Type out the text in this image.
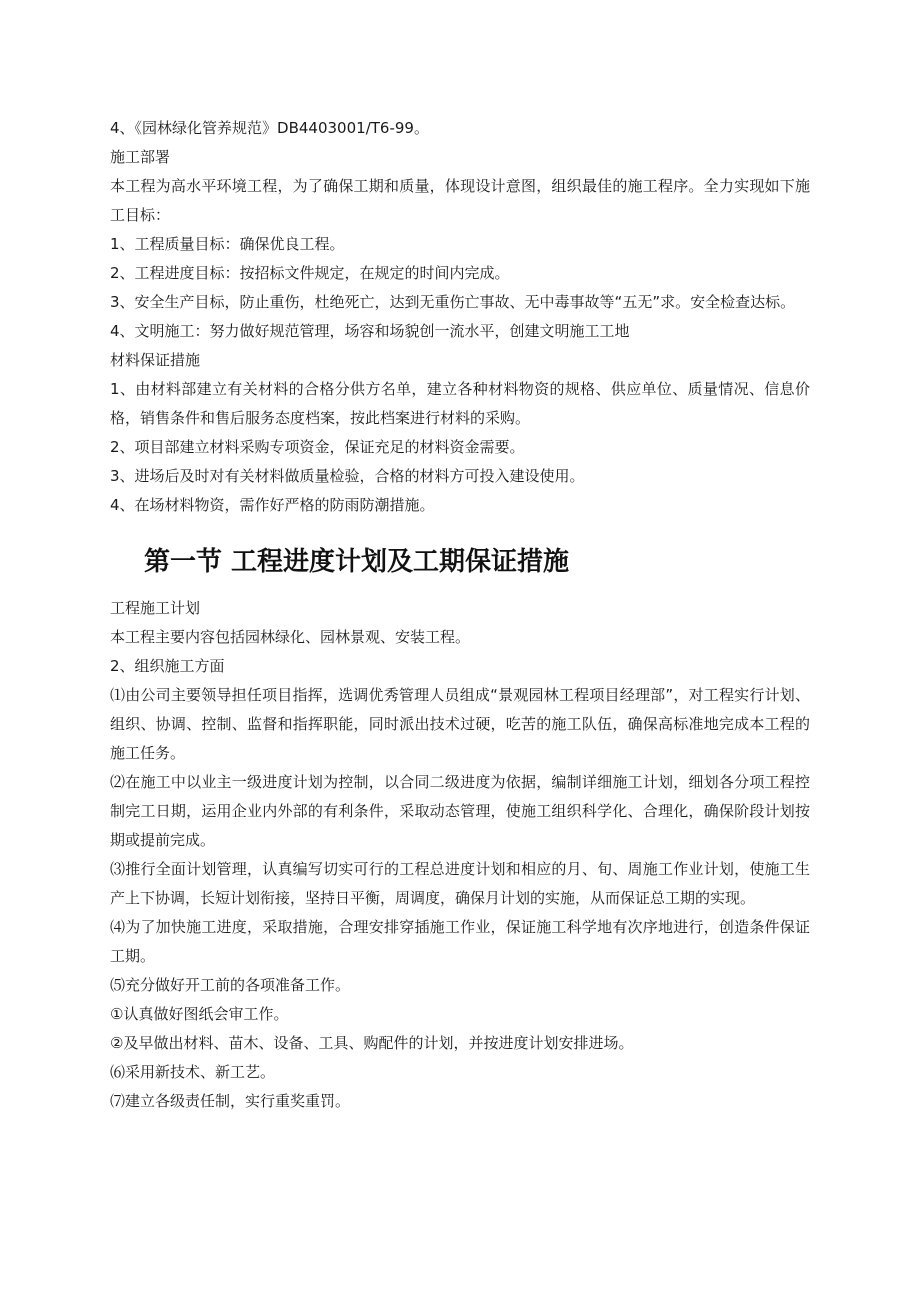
4、《园林绿化管养规范》DB4403001/T6-99。

施工部署

本工程为高水平环境工程，为了确保工期和质量，体现设计意图，组织最佳的施工程序。全力实现如下施工目标：

1、工程质量目标：确保优良工程。

2、工程进度目标：按招标文件规定，在规定的时间内完成。

3、安全生产目标，防止重伤，杜绝死亡，达到无重伤亡事故、无中毒事故等“五无”求。安全检查达标。

4、文明施工：努力做好规范管理，场容和场貌创一流水平，创建文明施工工地

材料保证措施

1、由材料部建立有关材料的合格分供方名单，建立各种材料物资的规格、供应单位、质量情况、信息价格，销售条件和售后服务态度档案，按此档案进行材料的采购。

2、项目部建立材料采购专项资金，保证充足的材料资金需要。

3、进场后及时对有关材料做质量检验，合格的材料方可投入建设使用。

4、在场材料物资，需作好严格的防雨防潮措施。

第一节 工程进度计划及工期保证措施

工程施工计划

本工程主要内容包括园林绿化、园林景观、安装工程。

2、组织施工方面

⑴由公司主要领导担任项目指挥，选调优秀管理人员组成“景观园林工程项目经理部”，对工程实行计划、组织、协调、控制、监督和指挥职能，同时派出技术过硬，吃苦的施工队伍，确保高标准地完成本工程的施工任务。

⑵在施工中以业主一级进度计划为控制，以合同二级进度为依据，编制详细施工计划，细划各分项工程控制完工日期，运用企业内外部的有利条件，采取动态管理，使施工组织科学化、合理化，确保阶段计划按期或提前完成。

⑶推行全面计划管理，认真编写切实可行的工程总进度计划和相应的月、旬、周施工作业计划，使施工生产上下协调，长短计划衔接，坚持日平衡，周调度，确保月计划的实施，从而保证总工期的实现。

⑷为了加快施工进度，采取措施，合理安排穿插施工作业，保证施工科学地有次序地进行，创造条件保证工期。

⑸充分做好开工前的各项准备工作。

①认真做好图纸会审工作。

②及早做出材料、苗木、设备、工具、购配件的计划，并按进度计划安排进场。

⑹采用新技术、新工艺。

⑺建立各级责任制，实行重奖重罚。
